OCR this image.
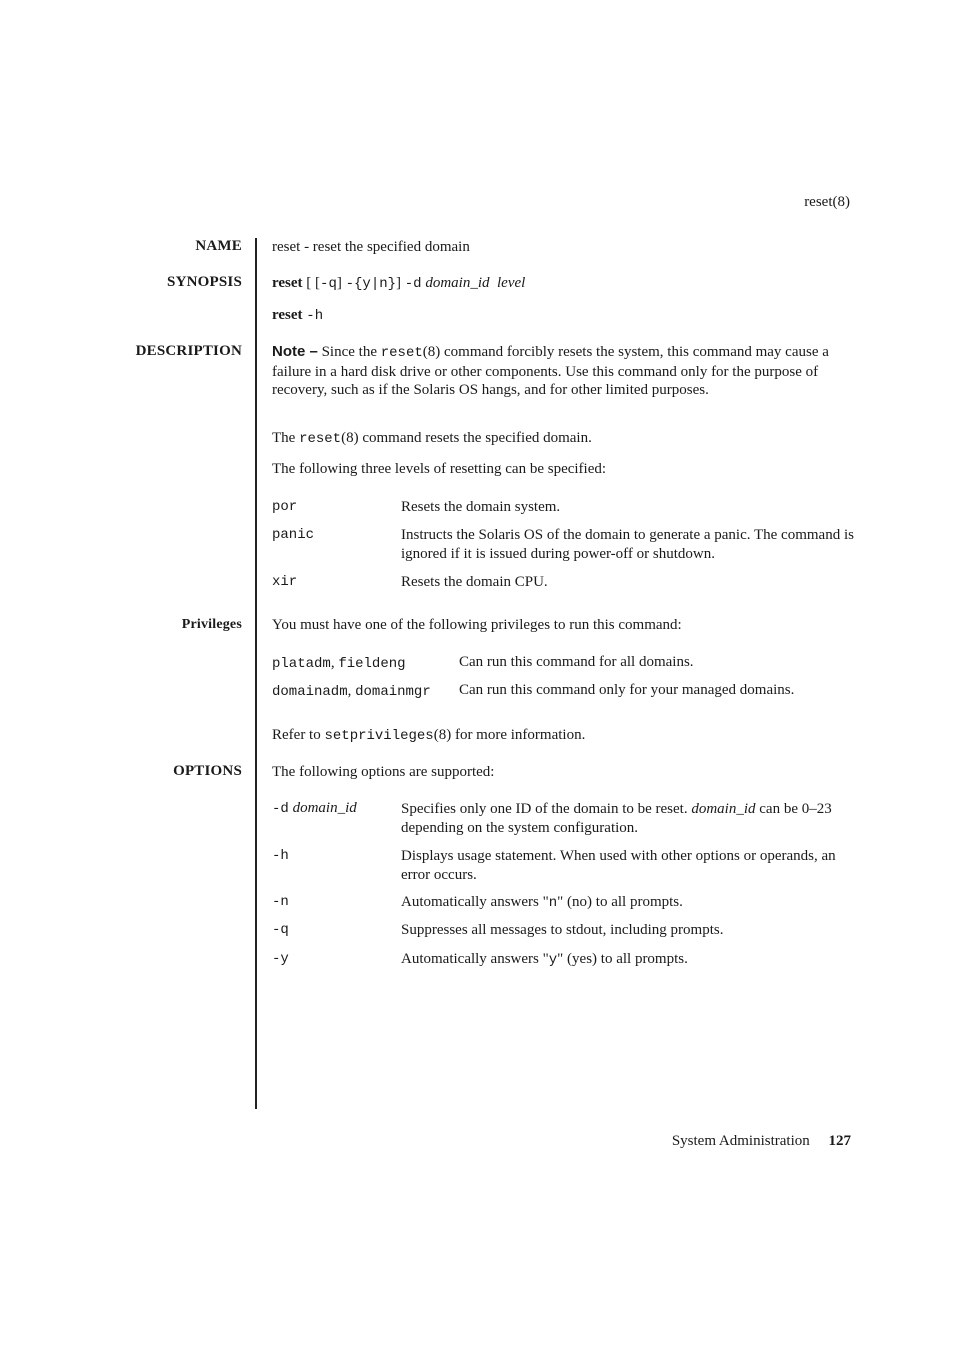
reset(8)
NAME reset - reset the specified domain
SYNOPSIS reset [ [-q] -{y|n}] -d domain_id level
reset -h
DESCRIPTION Note – Since the reset(8) command forcibly resets the system, this command may cause a failure in a hard disk drive or other components. Use this command only for the purpose of recovery, such as if the Solaris OS hangs, and for other limited purposes.
The reset(8) command resets the specified domain.
The following three levels of resetting can be specified:
por	Resets the domain system.
panic	Instructs the Solaris OS of the domain to generate a panic. The command is ignored if it is issued during power-off or shutdown.
xir	Resets the domain CPU.
Privileges You must have one of the following privileges to run this command:
platadm, fieldeng	Can run this command for all domains.
domainadm, domainmgr Can run this command only for your managed domains.
Refer to setprivileges(8) for more information.
OPTIONS The following options are supported:
-d domain_id	Specifies only one ID of the domain to be reset. domain_id can be 0–23 depending on the system configuration.
-h	Displays usage statement. When used with other options or operands, an error occurs.
-n	Automatically answers "n" (no) to all prompts.
-q	Suppresses all messages to stdout, including prompts.
-y	Automatically answers "y" (yes) to all prompts.
System Administration 127
